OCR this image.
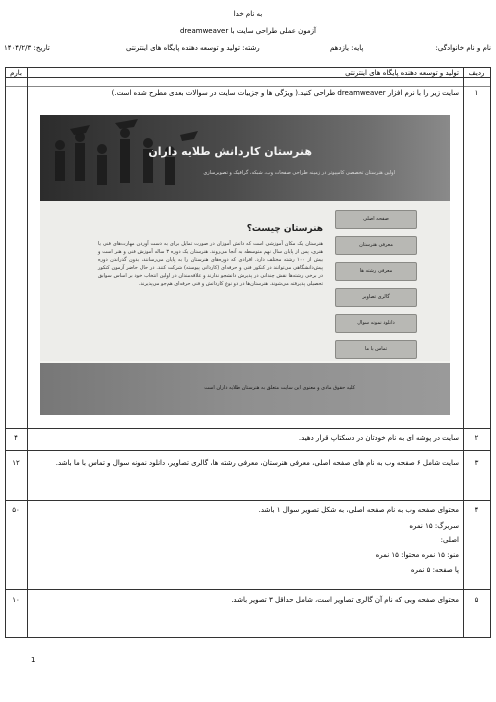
به نام خدا
آزمون عملی طراحی سایت با dreamweaver
نام و نام خانوادگی:
پایه: یازدهم
رشته: تولید و توسعه دهنده پایگاه های اینترنتی
تاریخ: ۱۴۰۴/۲/۳
ردیف
تولید و توسعه دهنده پایگاه های اینترنتی
بارم
۱
سایت زیر را با نرم افزار dreamweaver طراحی کنید.( ویژگی ها و جزییات سایت در سوالات بعدی مطرح شده است.)
هنرستان کاردانش طلایه داران
اولین هنرستان تخصصی کامپیوتر در زمینه طراحی صفحات وب، شبکه، گرافیک و تصویرسازی
هنرستان چیست؟
هنرستان یک مکان آموزشی است که دانش آموزان در صورت تمایل برای به دست آوردن مهارت‌های فنی یا هنری، پس از پایان سال نهم متوسطه به آنجا می‌روند. هنرستان یک دوره ۳ ساله آموزش فنی و هنر است و بیش از ۱۰۰ رشته مختلف دارد. افرادی که دوره‌های هنرستان را به پایان می‌رسانند، بدون گذراندن دوره پیش‌دانشگاهی می‌توانند در کنکور فنی و حرفه‌ای (کاردانی پیوسته) شرکت کنند. در حال حاضر آزمون کنکور در برخی رشته‌ها نقش چندانی در پذیرش دانشجو ندارند و علاقه‌مندان در اولین انتخاب خود بر اساس سوابق تحصیلی پذیرفته می‌شوند. هنرستان‌ها در دو نوع کاردانش و فنی حرفه‌ای هم‌جو می‌پذیرند.
صفحه اصلی
معرفی هنرستان
معرفی رشته ها
گالری تصاویر
دانلود نمونه سوال
تماس با ما
کلیه حقوق مادی و معنوی این سایت متعلق به هنرستان طلایه داران است
۲
سایت در پوشه ای به نام خودتان در دسکتاپ قرار دهید.
۴
۳
سایت شامل ۶ صفحه وب به نام های صفحه اصلی، معرفی هنرستان، معرفی رشته ها، گالری تصاویر، دانلود نمونه سوال و تماس با ما باشد.
۱۲
۴
محتوای صفحه وب به نام صفحه اصلی، به شکل تصویر سوال ۱ باشد.
۵۰
سربرگ: ۱۵ نمره
اصلی:
منو: ۱۵ نمره محتوا: ۱۵ نمره
پا صفحه: ۵ نمره
۵
محتوای صفحه وبی که نام آن گالری تصاویر است، شامل حداقل ۳ تصویر باشد.
۱۰
1
